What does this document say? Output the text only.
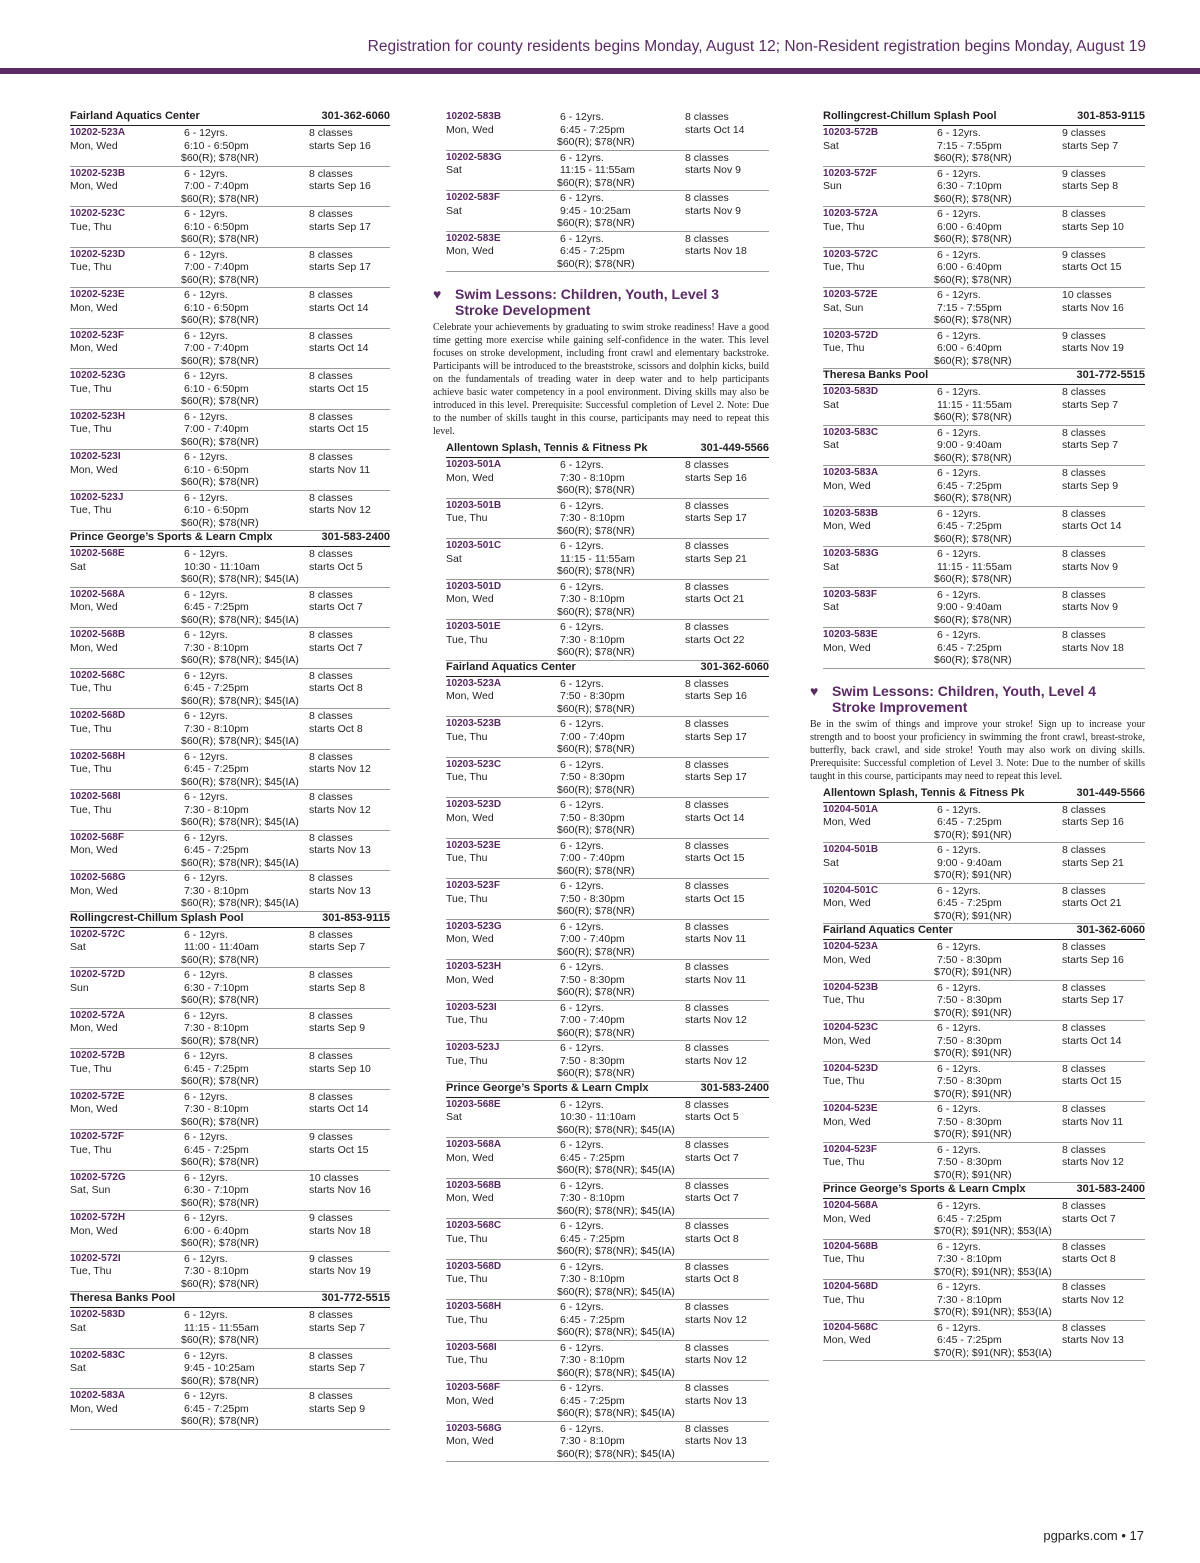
Registration for county residents begins Monday, August 12; Non-Resident registration begins Monday, August 19
Fairland Aquatics Center	301-362-6060
10202-523A
Mon, Wed
6 - 12yrs.
6:10 - 6:50pm
$60(R); $78(NR)
8 classes
starts Sep 16
10202-523B
Mon, Wed
6 - 12yrs.
7:00 - 7:40pm
$60(R); $78(NR)
8 classes
starts Sep 16
10202-523C
Tue, Thu
6 - 12yrs.
6:10 - 6:50pm
$60(R); $78(NR)
8 classes
starts Sep 17
10202-523D
Tue, Thu
6 - 12yrs.
7:00 - 7:40pm
$60(R); $78(NR)
8 classes
starts Sep 17
10202-523E
Mon, Wed
6 - 12yrs.
6:10 - 6:50pm
$60(R); $78(NR)
8 classes
starts Oct 14
10202-523F
Mon, Wed
6 - 12yrs.
7:00 - 7:40pm
$60(R); $78(NR)
8 classes
starts Oct 14
10202-523G
Tue, Thu
6 - 12yrs.
6:10 - 6:50pm
$60(R); $78(NR)
8 classes
starts Oct 15
10202-523H
Tue, Thu
6 - 12yrs.
7:00 - 7:40pm
$60(R); $78(NR)
8 classes
starts Oct 15
10202-523I
Mon, Wed
6 - 12yrs.
6:10 - 6:50pm
$60(R); $78(NR)
8 classes
starts Nov 11
10202-523J
Tue, Thu
6 - 12yrs.
6:10 - 6:50pm
$60(R); $78(NR)
8 classes
starts Nov 12
Prince George’s Sports & Learn Cmplx	301-583-2400
10202-568E
Sat
6 - 12yrs.
10:30 - 11:10am
$60(R); $78(NR); $45(IA)
8 classes
starts Oct 5
10202-568A
Mon, Wed
6 - 12yrs.
6:45 - 7:25pm
$60(R); $78(NR); $45(IA)
8 classes
starts Oct 7
10202-568B
Mon, Wed
6 - 12yrs.
7:30 - 8:10pm
$60(R); $78(NR); $45(IA)
8 classes
starts Oct 7
10202-568C
Tue, Thu
6 - 12yrs.
6:45 - 7:25pm
$60(R); $78(NR); $45(IA)
8 classes
starts Oct 8
10202-568D
Tue, Thu
6 - 12yrs.
7:30 - 8:10pm
$60(R); $78(NR); $45(IA)
8 classes
starts Oct 8
10202-568H
Tue, Thu
6 - 12yrs.
6:45 - 7:25pm
$60(R); $78(NR); $45(IA)
8 classes
starts Nov 12
10202-568I
Tue, Thu
6 - 12yrs.
7:30 - 8:10pm
$60(R); $78(NR); $45(IA)
8 classes
starts Nov 12
10202-568F
Mon, Wed
6 - 12yrs.
6:45 - 7:25pm
$60(R); $78(NR); $45(IA)
8 classes
starts Nov 13
10202-568G
Mon, Wed
6 - 12yrs.
7:30 - 8:10pm
$60(R); $78(NR); $45(IA)
8 classes
starts Nov 13
Rollingcrest-Chillum Splash Pool	301-853-9115
10202-572C
Sat
6 - 12yrs.
11:00 - 11:40am
$60(R); $78(NR)
8 classes
starts Sep 7
10202-572D
Sun
6 - 12yrs.
6:30 - 7:10pm
$60(R); $78(NR)
8 classes
starts Sep 8
10202-572A
Mon, Wed
6 - 12yrs.
7:30 - 8:10pm
$60(R); $78(NR)
8 classes
starts Sep 9
10202-572B
Tue, Thu
6 - 12yrs.
6:45 - 7:25pm
$60(R); $78(NR)
8 classes
starts Sep 10
10202-572E
Mon, Wed
6 - 12yrs.
7:30 - 8:10pm
$60(R); $78(NR)
8 classes
starts Oct 14
10202-572F
Tue, Thu
6 - 12yrs.
6:45 - 7:25pm
$60(R); $78(NR)
9 classes
starts Oct 15
10202-572G
Sat, Sun
6 - 12yrs.
6:30 - 7:10pm
$60(R); $78(NR)
10 classes
starts Nov 16
10202-572H
Mon, Wed
6 - 12yrs.
6:00 - 6:40pm
$60(R); $78(NR)
9 classes
starts Nov 18
10202-572I
Tue, Thu
6 - 12yrs.
7:30 - 8:10pm
$60(R); $78(NR)
9 classes
starts Nov 19
Theresa Banks Pool	301-772-5515
10202-583D
Sat
6 - 12yrs.
11:15 - 11:55am
$60(R); $78(NR)
8 classes
starts Sep 7
10202-583C
Sat
6 - 12yrs.
9:45 - 10:25am
$60(R); $78(NR)
8 classes
starts Sep 7
10202-583A
Mon, Wed
6 - 12yrs.
6:45 - 7:25pm
$60(R); $78(NR)
8 classes
starts Sep 9
10202-583B
Mon, Wed
6 - 12yrs.
6:45 - 7:25pm
$60(R); $78(NR)
8 classes
starts Oct 14
10202-583G
Sat
6 - 12yrs.
11:15 - 11:55am
$60(R); $78(NR)
8 classes
starts Nov 9
10202-583F
Sat
6 - 12yrs.
9:45 - 10:25am
$60(R); $78(NR)
8 classes
starts Nov 9
10202-583E
Mon, Wed
6 - 12yrs.
6:45 - 7:25pm
$60(R); $78(NR)
8 classes
starts Nov 18
♥ Swim Lessons: Children, Youth, Level 3
Stroke Development
Celebrate your achievements by graduating to swim stroke readiness! Have a good time getting more exercise while gaining self-confidence in the water. This level focuses on stroke development, including front crawl and elementary backstroke. Participants will be introduced to the breaststroke, scissors and dolphin kicks, build on the fundamentals of treading water in deep water and to help participants achieve basic water competency in a pool environment. Diving skills may also be introduced in this level. Prerequisite: Successful completion of Level 2. Note: Due to the number of skills taught in this course, participants may need to repeat this level.
Allentown Splash, Tennis & Fitness Pk	301-449-5566
10203-501A
Mon, Wed
6 - 12yrs.
7:30 - 8:10pm
$60(R); $78(NR)
8 classes
starts Sep 16
10203-501B
Tue, Thu
6 - 12yrs.
7:30 - 8:10pm
$60(R); $78(NR)
8 classes
starts Sep 17
10203-501C
Sat
6 - 12yrs.
11:15 - 11:55am
$60(R); $78(NR)
8 classes
starts Sep 21
10203-501D
Mon, Wed
6 - 12yrs.
7:30 - 8:10pm
$60(R); $78(NR)
8 classes
starts Oct 21
10203-501E
Tue, Thu
6 - 12yrs.
7:30 - 8:10pm
$60(R); $78(NR)
8 classes
starts Oct 22
Fairland Aquatics Center	301-362-6060
10203-523A
Mon, Wed
6 - 12yrs.
7:50 - 8:30pm
$60(R); $78(NR)
8 classes
starts Sep 16
10203-523B
Tue, Thu
6 - 12yrs.
7:00 - 7:40pm
$60(R); $78(NR)
8 classes
starts Sep 17
10203-523C
Tue, Thu
6 - 12yrs.
7:50 - 8:30pm
$60(R); $78(NR)
8 classes
starts Sep 17
10203-523D
Mon, Wed
6 - 12yrs.
7:50 - 8:30pm
$60(R); $78(NR)
8 classes
starts Oct 14
10203-523E
Tue, Thu
6 - 12yrs.
7:00 - 7:40pm
$60(R); $78(NR)
8 classes
starts Oct 15
10203-523F
Tue, Thu
6 - 12yrs.
7:50 - 8:30pm
$60(R); $78(NR)
8 classes
starts Oct 15
10203-523G
Mon, Wed
6 - 12yrs.
7:00 - 7:40pm
$60(R); $78(NR)
8 classes
starts Nov 11
10203-523H
Mon, Wed
6 - 12yrs.
7:50 - 8:30pm
$60(R); $78(NR)
8 classes
starts Nov 11
10203-523I
Tue, Thu
6 - 12yrs.
7:00 - 7:40pm
$60(R); $78(NR)
8 classes
starts Nov 12
10203-523J
Tue, Thu
6 - 12yrs.
7:50 - 8:30pm
$60(R); $78(NR)
8 classes
starts Nov 12
Prince George’s Sports & Learn Cmplx	301-583-2400
10203-568E
Sat
6 - 12yrs.
10:30 - 11:10am
$60(R); $78(NR); $45(IA)
8 classes
starts Oct 5
10203-568A
Mon, Wed
6 - 12yrs.
6:45 - 7:25pm
$60(R); $78(NR); $45(IA)
8 classes
starts Oct 7
10203-568B
Mon, Wed
6 - 12yrs.
7:30 - 8:10pm
$60(R); $78(NR); $45(IA)
8 classes
starts Oct 7
10203-568C
Tue, Thu
6 - 12yrs.
6:45 - 7:25pm
$60(R); $78(NR); $45(IA)
8 classes
starts Oct 8
10203-568D
Tue, Thu
6 - 12yrs.
7:30 - 8:10pm
$60(R); $78(NR); $45(IA)
8 classes
starts Oct 8
10203-568H
Tue, Thu
6 - 12yrs.
6:45 - 7:25pm
$60(R); $78(NR); $45(IA)
8 classes
starts Nov 12
10203-568I
Tue, Thu
6 - 12yrs.
7:30 - 8:10pm
$60(R); $78(NR); $45(IA)
8 classes
starts Nov 12
10203-568F
Mon, Wed
6 - 12yrs.
6:45 - 7:25pm
$60(R); $78(NR); $45(IA)
8 classes
starts Nov 13
10203-568G
Mon, Wed
6 - 12yrs.
7:30 - 8:10pm
$60(R); $78(NR); $45(IA)
8 classes
starts Nov 13
Rollingcrest-Chillum Splash Pool	301-853-9115
10203-572B
Sat
6 - 12yrs.
7:15 - 7:55pm
$60(R); $78(NR)
9 classes
starts Sep 7
10203-572F
Sun
6 - 12yrs.
6:30 - 7:10pm
$60(R); $78(NR)
9 classes
starts Sep 8
10203-572A
Tue, Thu
6 - 12yrs.
6:00 - 6:40pm
$60(R); $78(NR)
8 classes
starts Sep 10
10203-572C
Tue, Thu
6 - 12yrs.
6:00 - 6:40pm
$60(R); $78(NR)
9 classes
starts Oct 15
10203-572E
Sat, Sun
6 - 12yrs.
7:15 - 7:55pm
$60(R); $78(NR)
10 classes
starts Nov 16
10203-572D
Tue, Thu
6 - 12yrs.
6:00 - 6:40pm
$60(R); $78(NR)
9 classes
starts Nov 19
Theresa Banks Pool	301-772-5515
10203-583D
Sat
6 - 12yrs.
11:15 - 11:55am
$60(R); $78(NR)
8 classes
starts Sep 7
10203-583C
Sat
6 - 12yrs.
9:00 - 9:40am
$60(R); $78(NR)
8 classes
starts Sep 7
10203-583A
Mon, Wed
6 - 12yrs.
6:45 - 7:25pm
$60(R); $78(NR)
8 classes
starts Sep 9
10203-583B
Mon, Wed
6 - 12yrs.
6:45 - 7:25pm
$60(R); $78(NR)
8 classes
starts Oct 14
10203-583G
Sat
6 - 12yrs.
11:15 - 11:55am
$60(R); $78(NR)
8 classes
starts Nov 9
10203-583F
Sat
6 - 12yrs.
9:00 - 9:40am
$60(R); $78(NR)
8 classes
starts Nov 9
10203-583E
Mon, Wed
6 - 12yrs.
6:45 - 7:25pm
$60(R); $78(NR)
8 classes
starts Nov 18
♥ Swim Lessons: Children, Youth, Level 4
Stroke Improvement
Be in the swim of things and improve your stroke! Sign up to increase your strength and to boost your proficiency in swimming the front crawl, breast-stroke, butterfly, back crawl, and side stroke! Youth may also work on diving skills. Prerequisite: Successful completion of Level 3. Note: Due to the number of skills taught in this course, participants may need to repeat this level.
Allentown Splash, Tennis & Fitness Pk	301-449-5566
10204-501A
Mon, Wed
6 - 12yrs.
6:45 - 7:25pm
$70(R); $91(NR)
8 classes
starts Sep 16
10204-501B
Sat
6 - 12yrs.
9:00 - 9:40am
$70(R); $91(NR)
8 classes
starts Sep 21
10204-501C
Mon, Wed
6 - 12yrs.
6:45 - 7:25pm
$70(R); $91(NR)
8 classes
starts Oct 21
Fairland Aquatics Center	301-362-6060
10204-523A
Mon, Wed
6 - 12yrs.
7:50 - 8:30pm
$70(R); $91(NR)
8 classes
starts Sep 16
10204-523B
Tue, Thu
6 - 12yrs.
7:50 - 8:30pm
$70(R); $91(NR)
8 classes
starts Sep 17
10204-523C
Mon, Wed
6 - 12yrs.
7:50 - 8:30pm
$70(R); $91(NR)
8 classes
starts Oct 14
10204-523D
Tue, Thu
6 - 12yrs.
7:50 - 8:30pm
$70(R); $91(NR)
8 classes
starts Oct 15
10204-523E
Mon, Wed
6 - 12yrs.
7:50 - 8:30pm
$70(R); $91(NR)
8 classes
starts Nov 11
10204-523F
Tue, Thu
6 - 12yrs.
7:50 - 8:30pm
$70(R); $91(NR)
8 classes
starts Nov 12
Prince George’s Sports & Learn Cmplx	301-583-2400
10204-568A
Mon, Wed
6 - 12yrs.
6:45 - 7:25pm
$70(R); $91(NR); $53(IA)
8 classes
starts Oct 7
10204-568B
Tue, Thu
6 - 12yrs.
7:30 - 8:10pm
$70(R); $91(NR); $53(IA)
8 classes
starts Oct 8
10204-568D
Tue, Thu
6 - 12yrs.
7:30 - 8:10pm
$70(R); $91(NR); $53(IA)
8 classes
starts Nov 12
10204-568C
Mon, Wed
6 - 12yrs.
6:45 - 7:25pm
$70(R); $91(NR); $53(IA)
8 classes
starts Nov 13
pgparks.com • 17
